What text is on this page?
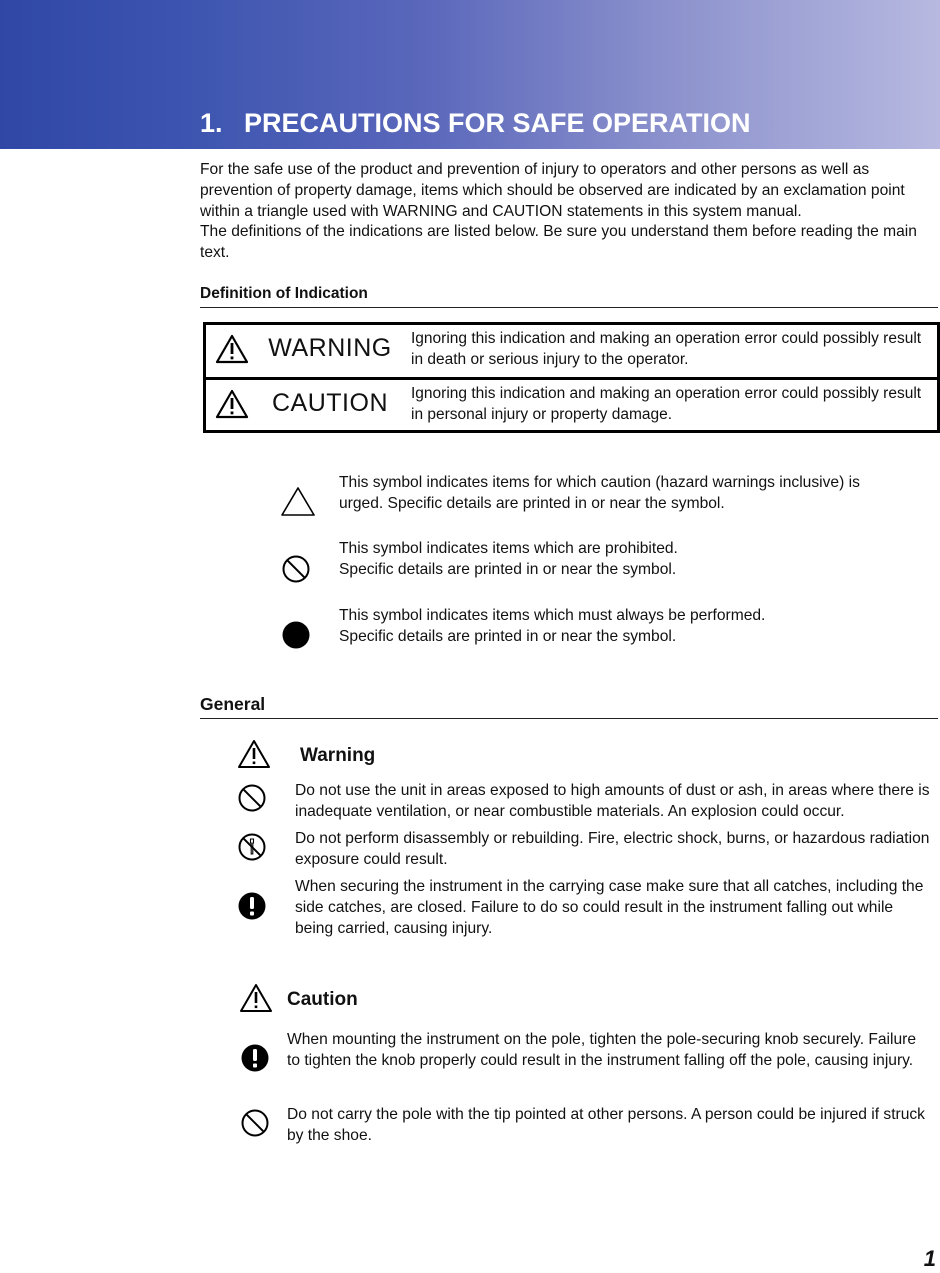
1. PRECAUTIONS FOR SAFE OPERATION
For the safe use of the product and prevention of injury to operators and other persons as well as prevention of property damage, items which should be observed are indicated by an exclamation point within a triangle used with WARNING and CAUTION statements in this system manual.
The definitions of the indications are listed below. Be sure you understand them before reading the main text.
Definition of Indication
WARNING	Ignoring this indication and making an operation error could possibly result in death or serious injury to the operator.
CAUTION	Ignoring this indication and making an operation error could possibly result in personal injury or property damage.
This symbol indicates items for which caution (hazard warnings inclusive) is urged. Specific details are printed in or near the symbol.
This symbol indicates items which are prohibited.
Specific details are printed in or near the symbol.
This symbol indicates items which must always be performed.
Specific details are printed in or near the symbol.
General
Warning
Do not use the unit in areas exposed to high amounts of dust or ash, in areas where there is inadequate ventilation, or near combustible materials. An explosion could occur.
Do not perform disassembly or rebuilding. Fire, electric shock, burns, or hazardous radiation exposure could result.
When securing the instrument in the carrying case make sure that all catches, including the side catches, are closed. Failure to do so could result in the instrument falling out while being carried, causing injury.
Caution
When mounting the instrument on the pole, tighten the pole-securing knob securely. Failure to tighten the knob properly could result in the instrument falling off the pole, causing injury.
Do not carry the pole with the tip pointed at other persons. A person could be injured if struck by the shoe.
1
